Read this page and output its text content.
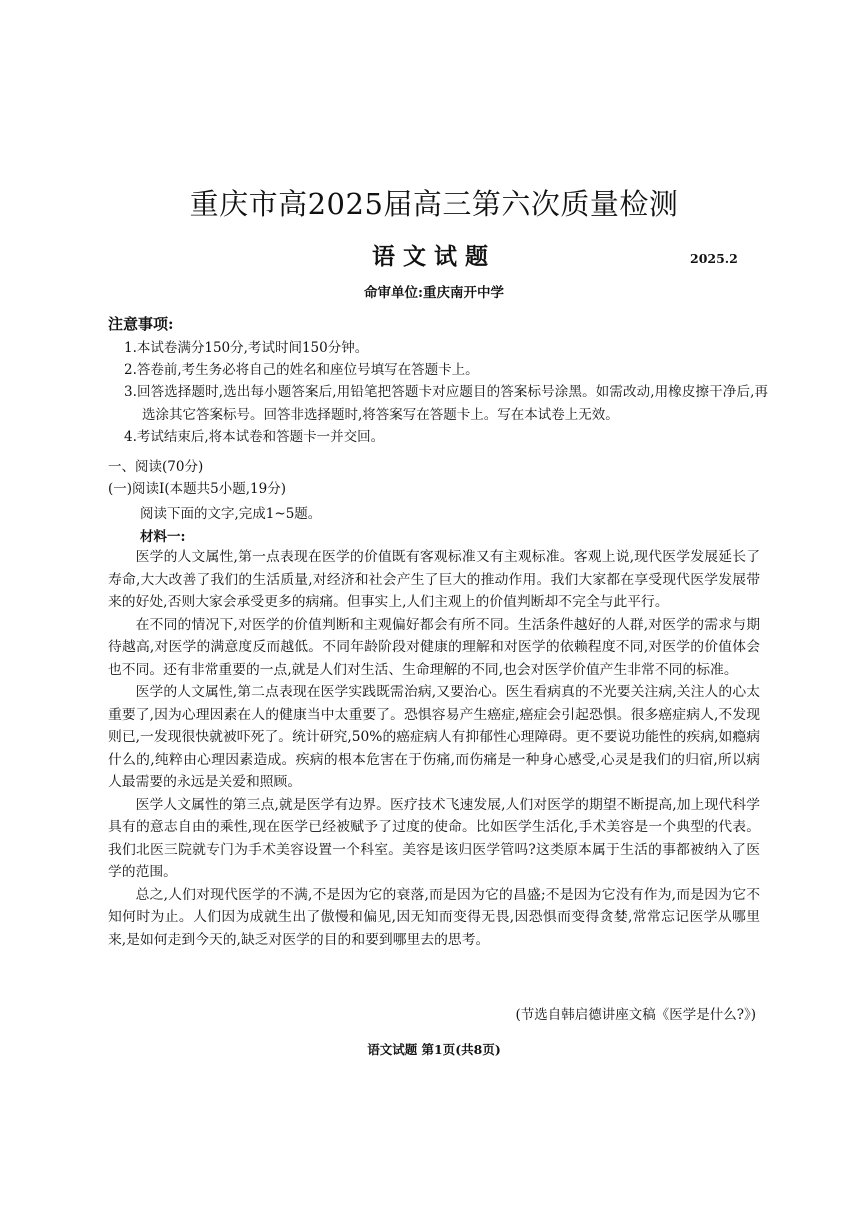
重庆市高2025届高三第六次质量检测
语文试题	2025.2
命审单位:重庆南开中学
注意事项:
1.本试卷满分150分,考试时间150分钟。
2.答卷前,考生务必将自己的姓名和座位号填写在答题卡上。
3.回答选择题时,选出每小题答案后,用铅笔把答题卡对应题目的答案标号涂黑。如需改动,用橡皮擦干净后,再选涂其它答案标号。回答非选择题时,将答案写在答题卡上。写在本试卷上无效。
4.考试结束后,将本试卷和答题卡一并交回。
一、阅读(70分)
(一)阅读Ⅰ(本题共5小题,19分)
阅读下面的文字,完成1~5题。
材料一:

医学的人文属性,第一点表现在医学的价值既有客观标准又有主观标准。客观上说,现代医学发展延长了寿命,大大改善了我们的生活质量,对经济和社会产生了巨大的推动作用。我们大家都在享受现代医学发展带来的好处,否则大家会承受更多的病痛。但事实上,人们主观上的价值判断却不完全与此平行。

在不同的情况下,对医学的价值判断和主观偏好都会有所不同。生活条件越好的人群,对医学的需求与期待越高,对医学的满意度反而越低。不同年龄阶段对健康的理解和对医学的依赖程度不同,对医学的价值体会也不同。还有非常重要的一点,就是人们对生活、生命理解的不同,也会对医学价值产生非常不同的标准。

医学的人文属性,第二点表现在医学实践既需治病,又要治心。医生看病真的不光要关注病,关注人的心太重要了,因为心理因素在人的健康当中太重要了。恐惧容易产生癌症,癌症会引起恐惧。很多癌症病人,不发现则已,一发现很快就被吓死了。统计研究,50%的癌症病人有抑郁性心理障碍。更不要说功能性的疾病,如瘾病什么的,纯粹由心理因素造成。疾病的根本危害在于伤痛,而伤痛是一种身心感受,心灵是我们的归宿,所以病人最需要的永远是关爱和照顾。

医学人文属性的第三点,就是医学有边界。医疗技术飞速发展,人们对医学的期望不断提高,加上现代科学具有的意志自由的乘性,现在医学已经被赋予了过度的使命。比如医学生活化,手术美容是一个典型的代表。我们北医三院就专门为手术美容设置一个科室。美容是该归医学管吗?这类原本属于生活的事都被纳入了医学的范围。

总之,人们对现代医学的不满,不是因为它的衰落,而是因为它的昌盛;不是因为它没有作为,而是因为它不知何时为止。人们因为成就生出了傲慢和偏见,因无知而变得无畏,因恐惧而变得贪婪,常常忘记医学从哪里来,是如何走到今天的,缺乏对医学的目的和要到哪里去的思考。

(节选自韩启德讲座文稿《医学是什么?》)
语文试题 第1页(共8页)
